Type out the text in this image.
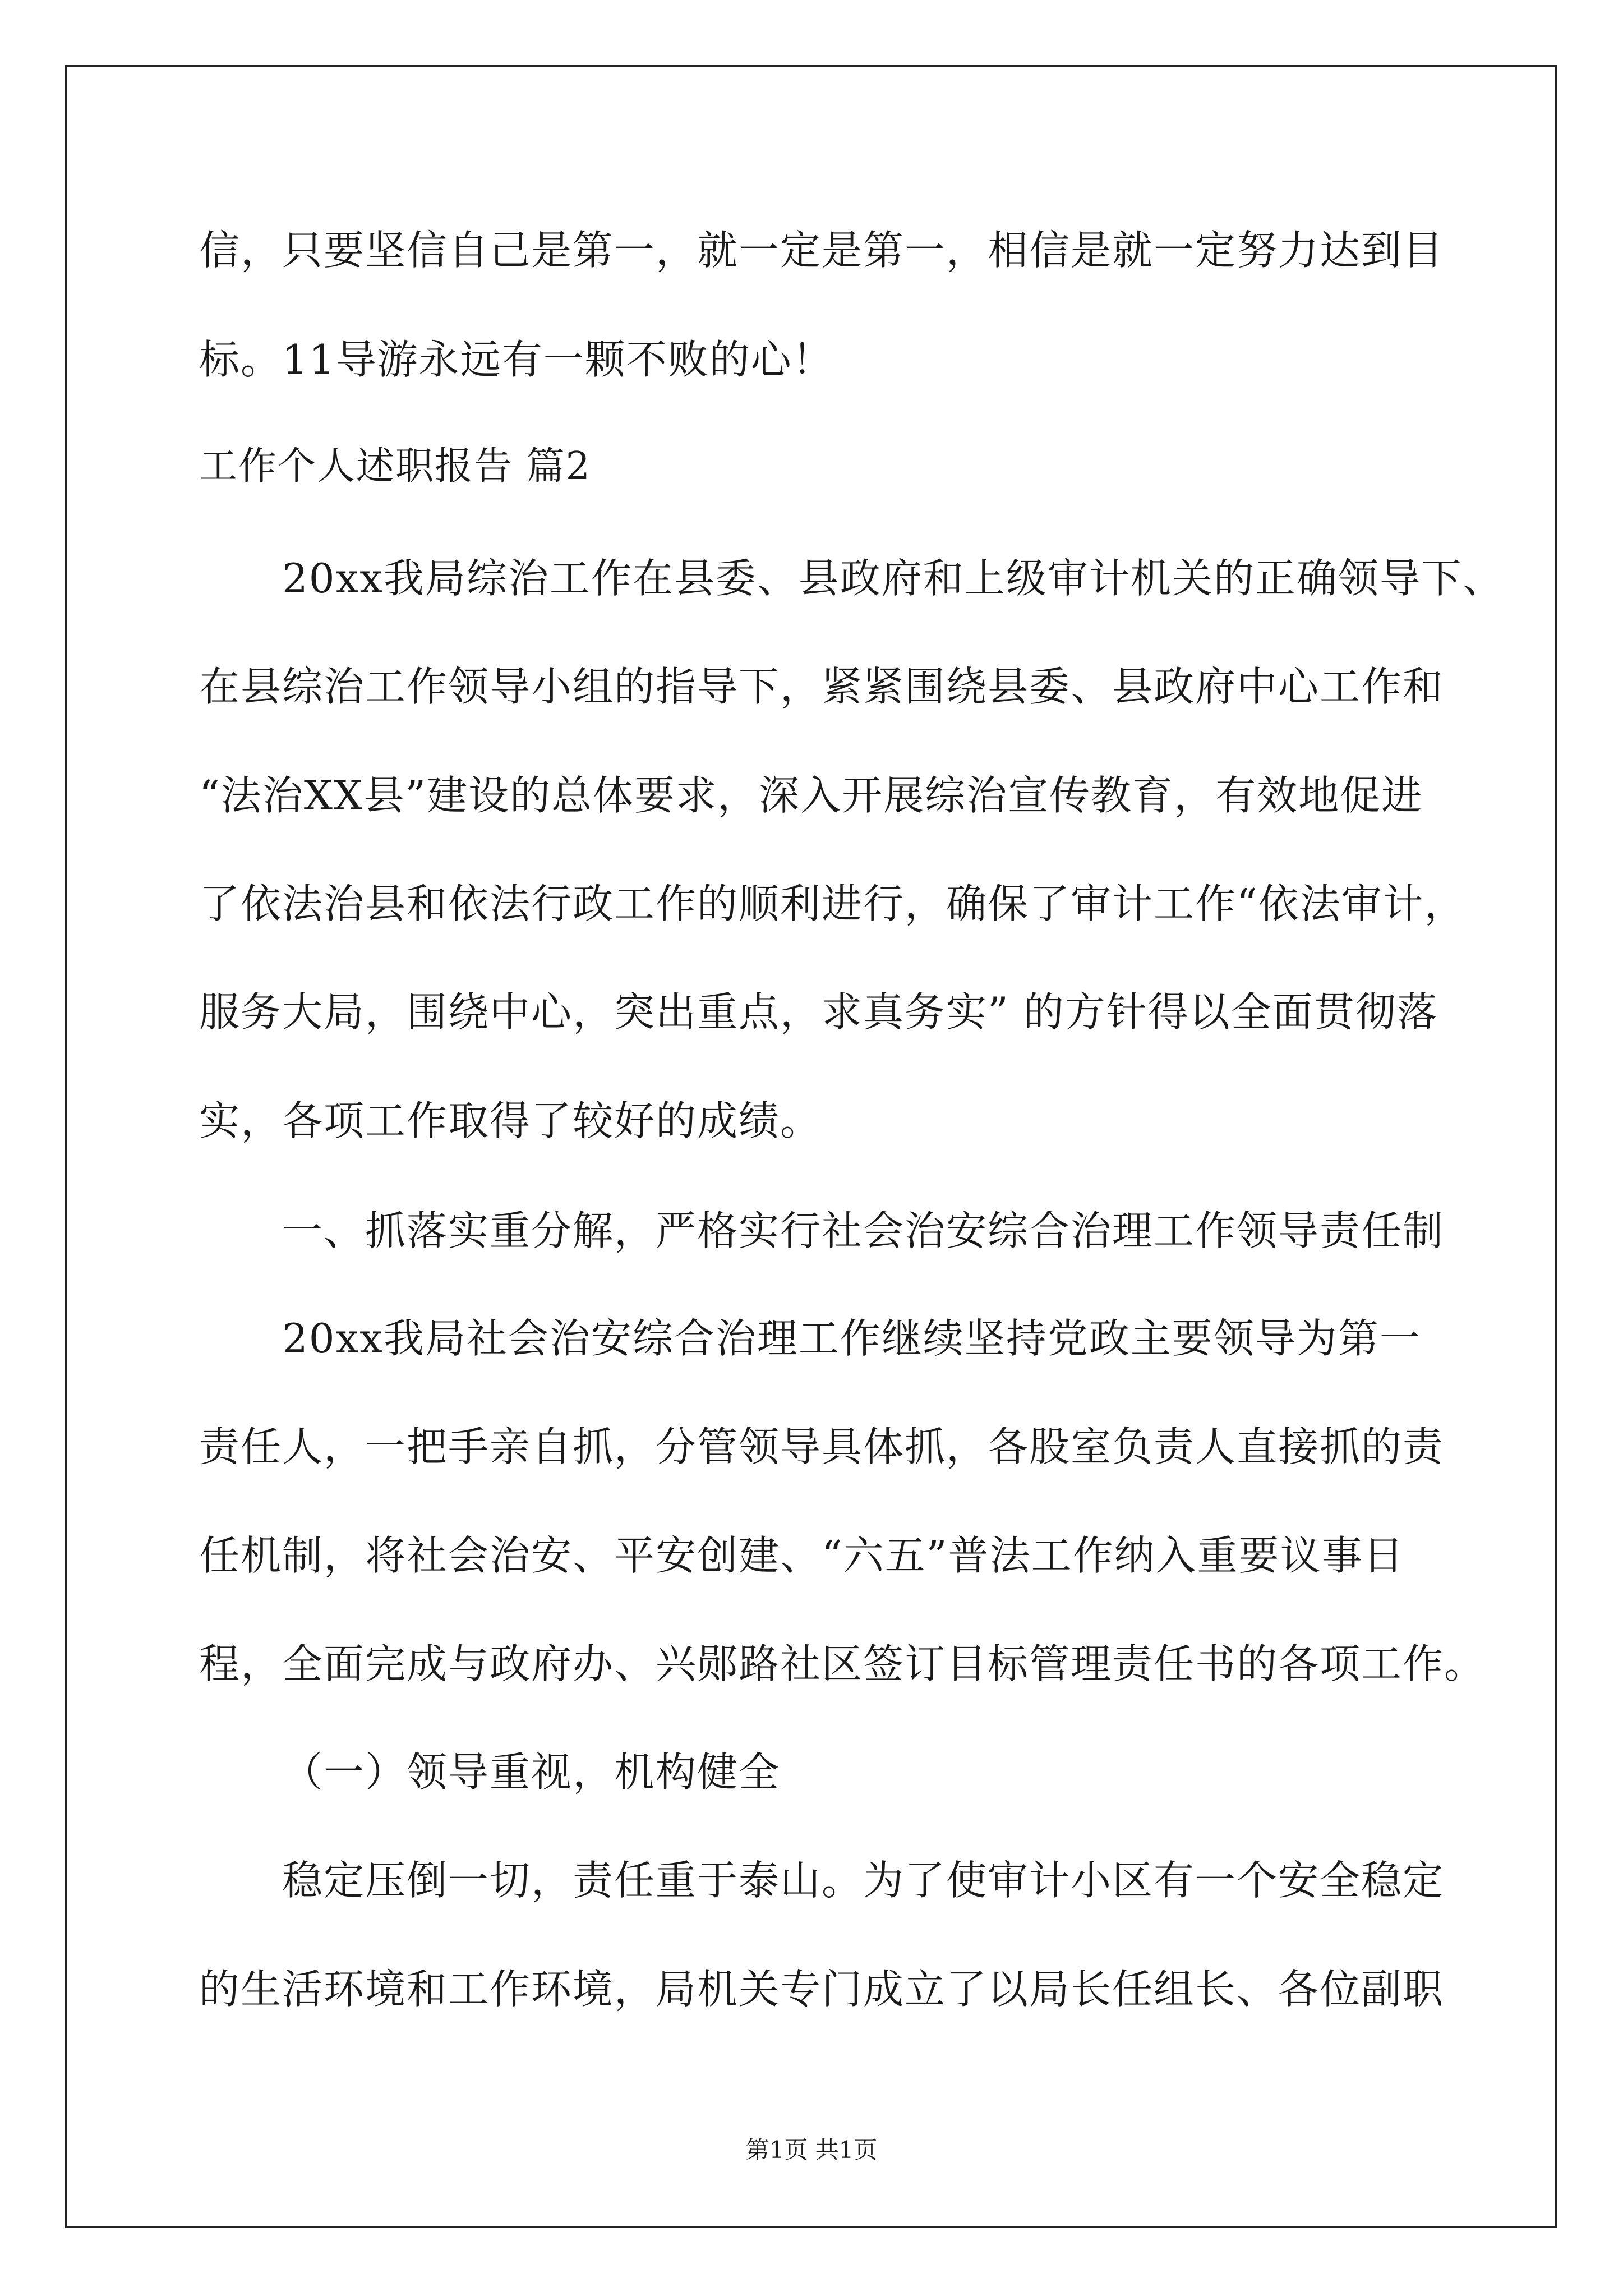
信，只要坚信自己是第一，就一定是第一，相信是就一定努力达到目
标。11导游永远有一颗不败的心！
工作个人述职报告 篇2
20xx我局综治工作在县委、县政府和上级审计机关的正确领导下、
在县综治工作领导小组的指导下，紧紧围绕县委、县政府中心工作和
“法治XX县”建设的总体要求，深入开展综治宣传教育，有效地促进
了依法治县和依法行政工作的顺利进行，确保了审计工作“依法审计，
服务大局，围绕中心，突出重点，求真务实” 的方针得以全面贯彻落
实，各项工作取得了较好的成绩。
一、抓落实重分解，严格实行社会治安综合治理工作领导责任制
20xx我局社会治安综合治理工作继续坚持党政主要领导为第一
责任人，一把手亲自抓，分管领导具体抓，各股室负责人直接抓的责
任机制，将社会治安、平安创建、“六五”普法工作纳入重要议事日
程，全面完成与政府办、兴郧路社区签订目标管理责任书的各项工作。
（一）领导重视，机构健全
稳定压倒一切，责任重于泰山。为了使审计小区有一个安全稳定
的生活环境和工作环境，局机关专门成立了以局长任组长、各位副职
第1页 共1页
